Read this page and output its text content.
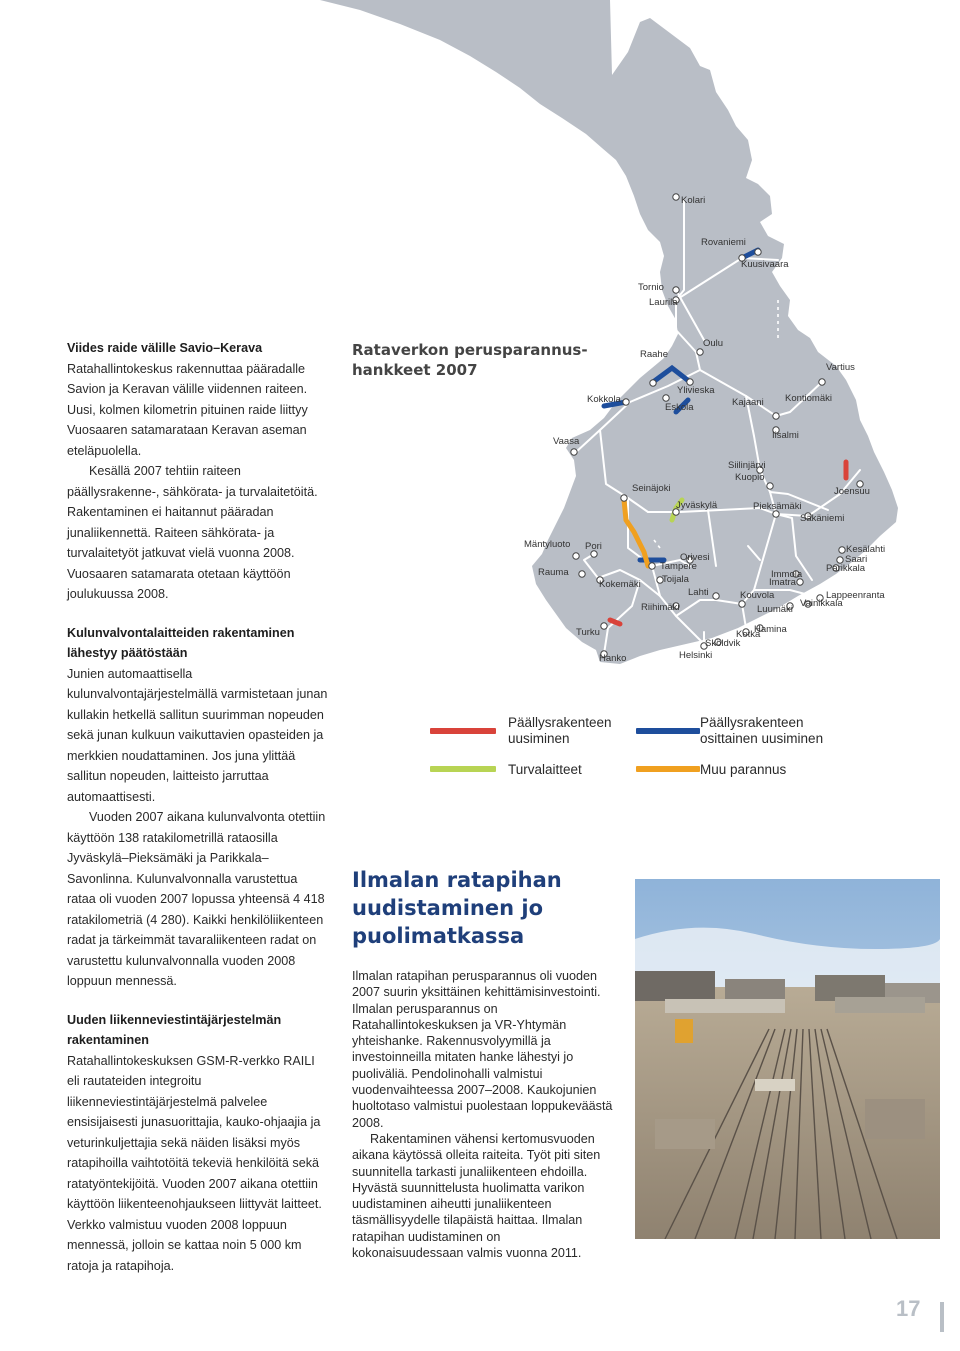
Viides raide välille Savio–Kerava

Ratahallintokeskus rakennuttaa pääradalle Savion ja Keravan välille viidennen raiteen. Uusi, kolmen kilometrin pituinen raide liittyy Vuosaaren satamarataan Keravan aseman eteläpuolella.

Kesällä 2007 tehtiin raiteen päällysrakenne-, sähkörata- ja turvalaitetöitä. Rakentaminen ei haitannut pääradan junaliikennettä. Raiteen sähkörata- ja turvalaitetyöt jatkuvat vielä vuonna 2008. Vuosaaren satamarata otetaan käyttöön joulukuussa 2008.

Kulunvalvontalaitteiden rakentaminen lähestyy päätöstään

Junien automaattisella kulunvalvontajärjestelmällä varmistetaan junan kullakin hetkellä sallitun suurimman nopeuden sekä junan kulkuun vaikuttavien opasteiden ja merkkien noudattaminen. Jos juna ylittää sallitun nopeuden, laitteisto jarruttaa automaattisesti.

Vuoden 2007 aikana kulunvalvonta otettiin käyttöön 138 ratakilometrillä rataosilla Jyväskylä–Pieksämäki ja Parikkala–Savonlinna. Kulunvalvonnalla varustettua rataa oli vuoden 2007 lopussa yhteensä 4 418 ratakilometriä (4 280). Kaikki henkilöliikenteen radat ja tärkeimmät tavaraliikenteen radat on varustettu kulunvalvonnalla vuoden 2008 loppuun mennessä.

Uuden liikenneviestintäjärjestelmän rakentaminen

Ratahallintokeskuksen GSM-R-verkko RAILI eli rautateiden integroitu liikenneviestintäjärjestelmä palvelee ensisijaisesti junasuorittajia, kauko-ohjaajia ja veturinkuljettajia sekä näiden lisäksi myös ratapihoilla vaihtotöitä tekeviä henkilöitä sekä ratatyöntekijöitä. Vuoden 2007 aikana otettiin käyttöön liikenteenohjaukseen liittyvät laitteet. Verkko valmistuu vuoden 2008 loppuun mennessä, jolloin se kattaa noin 5 000 km ratoja ja ratapihoja.

Rataverkon perusparannus-hankkeet 2007
Kolari
Rovaniemi
Kuusivaara
Tornio
Laurila
Oulu
Raahe
Vartius
Ylivieska
Kokkola
Eskola	Kajaani Kontiomäki
Vaasa
Iisalmi
Siilinjärvi
Kuopio
Seinäjoki	Joensuu
Jyväskylä	Pieksämäki
Säkäniemi
Mäntyluoto Pori
Orivesi
Kesälahti
Saari
Parikkala
Tampere
Immola
Rauma
Kokemäki Toijala	Imatra
Lahti	Kouvola	Lappeenranta
Vainikkala
Riihimäki	Luumäki
Hamina
Turku	Kotka
Sköldvik
Hanko	Helsinki
Päällysrakenteen
uusiminen
Päällysrakenteen
osittainen uusiminen
Turvalaitteet	Muu parannus
Ilmalan ratapihan uudistaminen jo puolimatkassa

Ilmalan ratapihan perusparannus oli vuoden 2007 suurin yksittäinen kehittämisinvestointi. Ilmalan perusparannus on Ratahallintokeskuksen ja VR-Yhtymän yhteishanke. Rakennusvolyymillä ja investoinneilla mitaten hanke lähestyi jo puoliväliä. Pendolinohalli valmistui vuodenvaihteessa 2007–2008. Kaukojunien huoltotaso valmistui puolestaan loppukeväästä 2008.

Rakentaminen vähensi kertomusvuoden aikana käytössä olleita raiteita. Työt piti siten suunnitella tarkasti junaliikenteen ehdoilla. Hyvästä suunnittelusta huolimatta varikon uudistaminen aiheutti junaliikenteen täsmällisyydelle tilapäistä haittaa. Ilmalan ratapihan uudistaminen on kokonaisuudessaan valmis vuonna 2011.

17
